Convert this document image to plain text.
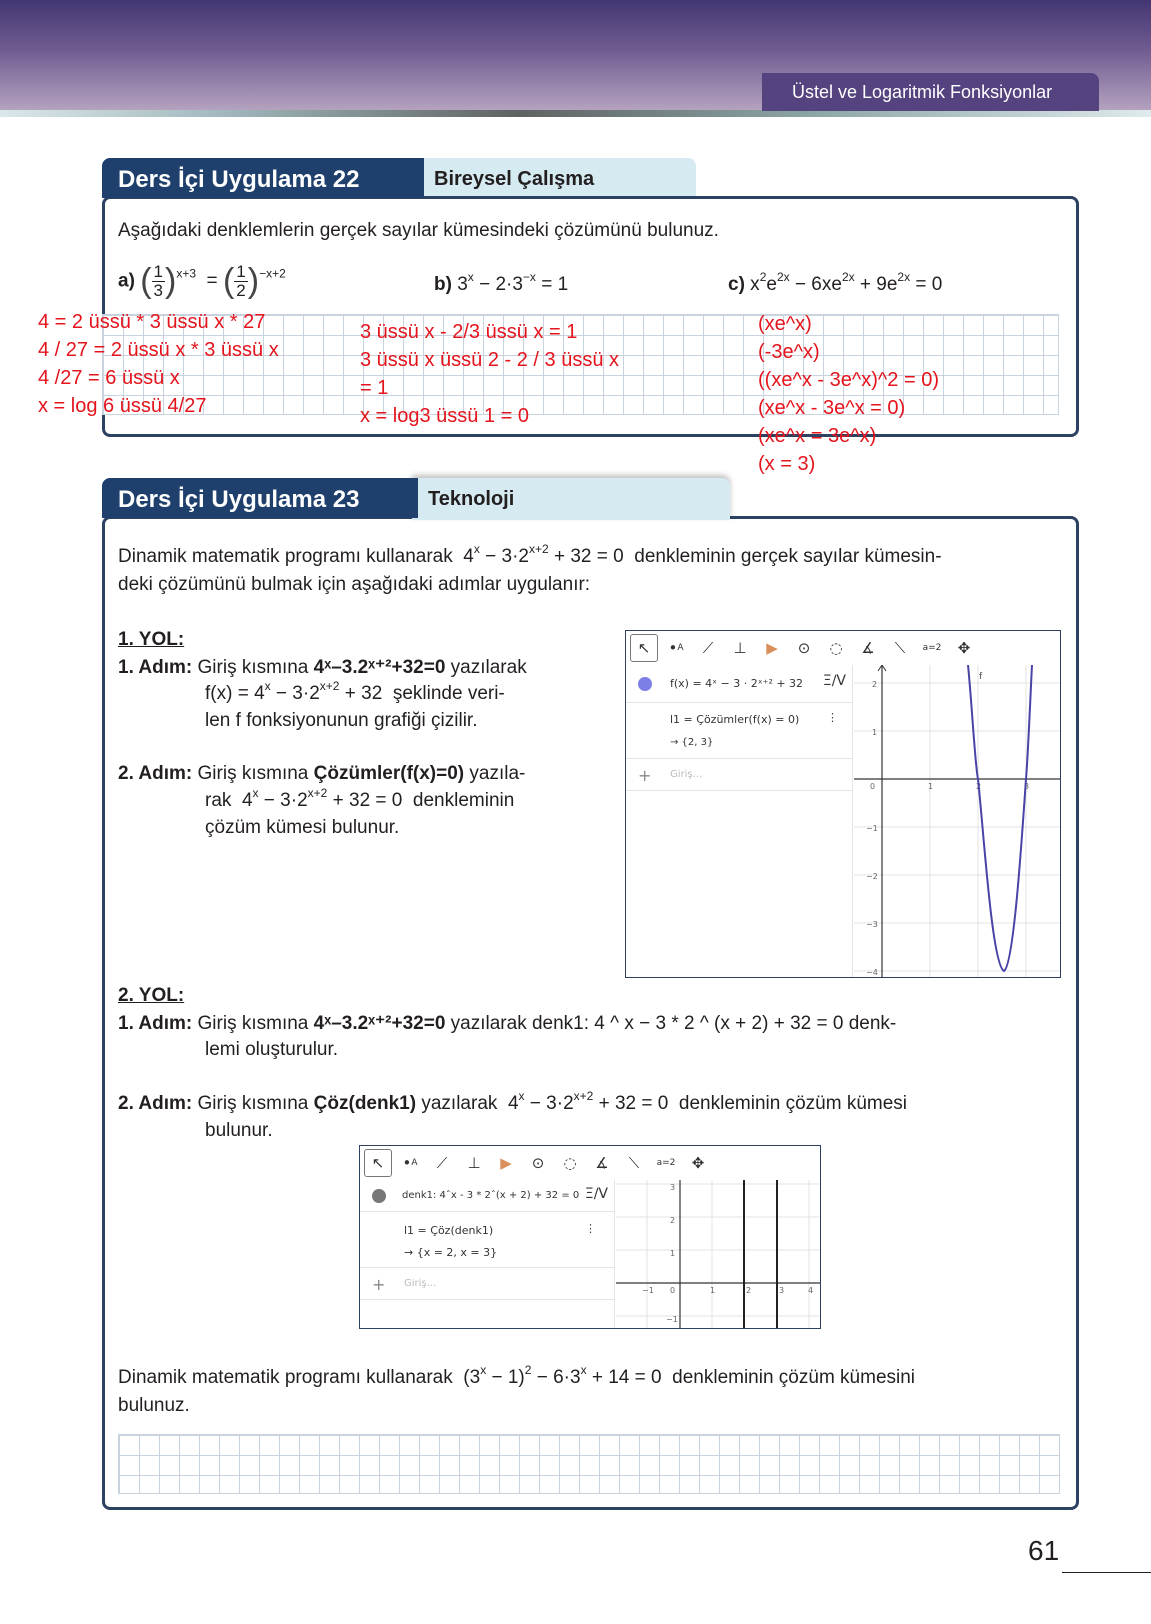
Üstel ve Logaritmik Fonksiyonlar
Bireysel Çalışma
Ders İçi Uygulama 22
Aşağıdaki denklemlerin gerçek sayılar kümesindeki çözümünü bulunuz.
a) ( $\frac{1}{3} )^{x+3}$  = ( $\frac{1}{2} )^{-x+2}$
b) $3^x - 2\cdot 3^{-x} = 1$	c) $x^2e^{2x} - 6xe^{2x} + 9e^{2x} = 0$
4 = 2 üssü * 3 üssü x * 27
4 / 27 = 2 üssü x * 3 üssü x
4 /27 = 6 üssü x
x = log 6 üssü 4/27
3 üssü x - 2/3 üssü x = 1
3 üssü x üssü 2 - 2 / 3 üssü x
= 1
x = log3 üssü 1 = 0
(xe^x)
(-3e^x)
((xe^x - 3e^x)^2 = 0)
(xe^x - 3e^x = 0)
(xe^x = 3e^x)
(x = 3)
Teknoloji
Ders İçi Uygulama 23
Dinamik matematik programı kullanarak  $4^x - 3\cdot 2^{x+2} + 32 = 0$  denkleminin gerçek sayılar kümesin-
deki çözümünü bulmak için aşağıdaki adımlar uygulanır:
1. YOL:
1. Adım: Giriş kısmına 4ˣ–3.2ˣ⁺²+32=0 yazılarak
$f(x) = 4^x - 3\cdot 2^{x+2} + 32$  şeklinde veri-
len f fonksiyonunun grafiği çizilir.
2. Adım: Giriş kısmına Çözümler(f(x)=0) yazıla-
rak  $4^x - 3\cdot 2^{x+2} + 32 = 0$  denkleminin
çözüm kümesi bulunur.
↖	• A	⟋	⊥	▶	⊙	◌	∡	⟍	a=2	✥
f(x) = 4ˣ − 3 · 2ˣ⁺² + 32 Ξ∕V
l1 = Çözümler(f(x) = 0)
→ {2, 3}
⋮
+ Giriş...
2
1
0	1	2	3
−1
−2
−3
−4
f
2. YOL:
1. Adım: Giriş kısmına 4ˣ–3.2ˣ⁺²+32=0 yazılarak denk1: 4 ^ x − 3 * 2 ^ (x + 2) + 32 = 0 denk-
lemi oluşturulur.
2. Adım: Giriş kısmına Çöz(denk1) yazılarak  $4^x - 3\cdot 2^{x+2} + 32 = 0$  denkleminin çözüm kümesi
bulunur.
↖	• A	⟋	⊥	▶	⊙	◌	∡	⟍	a=2	✥
denk1: 4ˆx - 3 * 2ˆ(x + 2) + 32 = 0 Ξ∕V
l1 = Çöz(denk1)
→ {x = 2, x = 3}
⋮
+ Giriş...
3
2
1
−1 0	1	2	3	4
−1
Dinamik matematik programı kullanarak  $(3^x - 1)^2 - 6\cdot 3^x + 14 = 0$  denkleminin çözüm kümesini
bulunuz.
61
